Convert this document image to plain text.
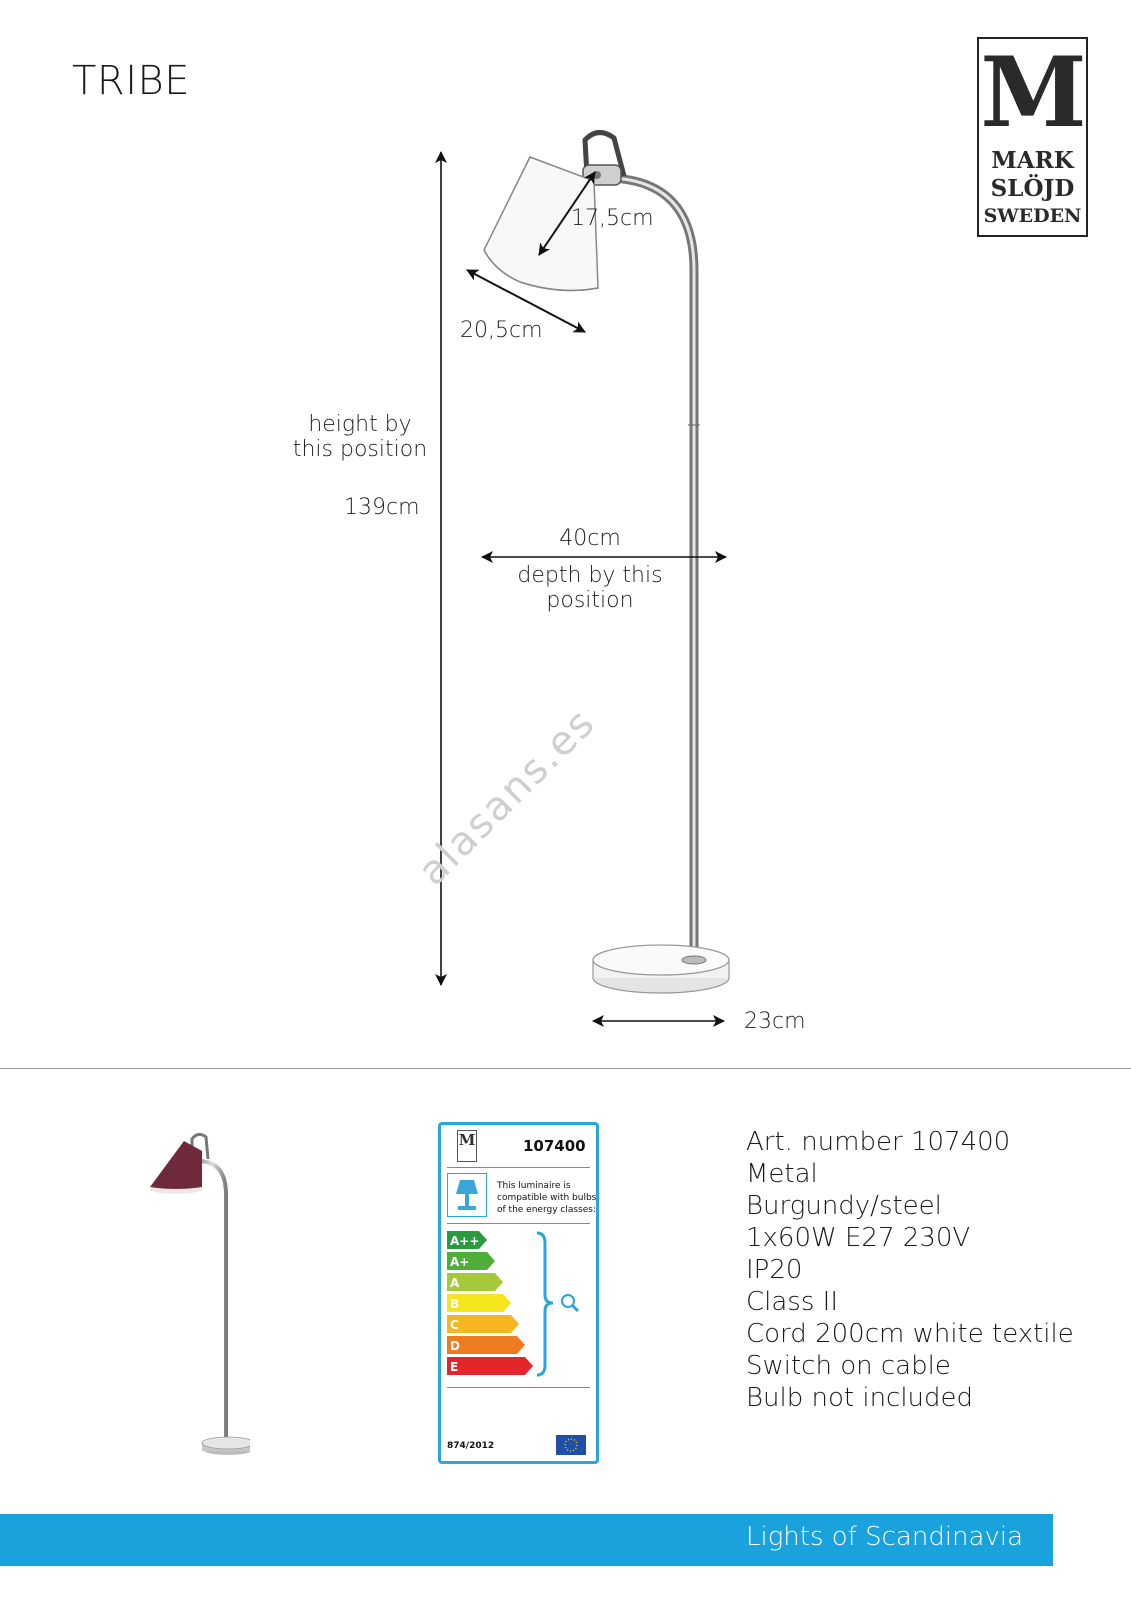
TRIBE	M
MARK
SLÖJD
SWEDEN
17,5cm
20,5cm
height by
this position
139cm
40cm
depth by this
position
23cm
alasans.es
M	107400
This luminaire is
compatible with bulbs
of the energy classes:
A++
A+
A
B
C
D
E
874/2012
Art. number 107400
Metal
Burgundy/steel
1x60W E27 230V
IP20
Class II
Cord 200cm white textile
Switch on cable
Bulb not included
Lights of Scandinavia
